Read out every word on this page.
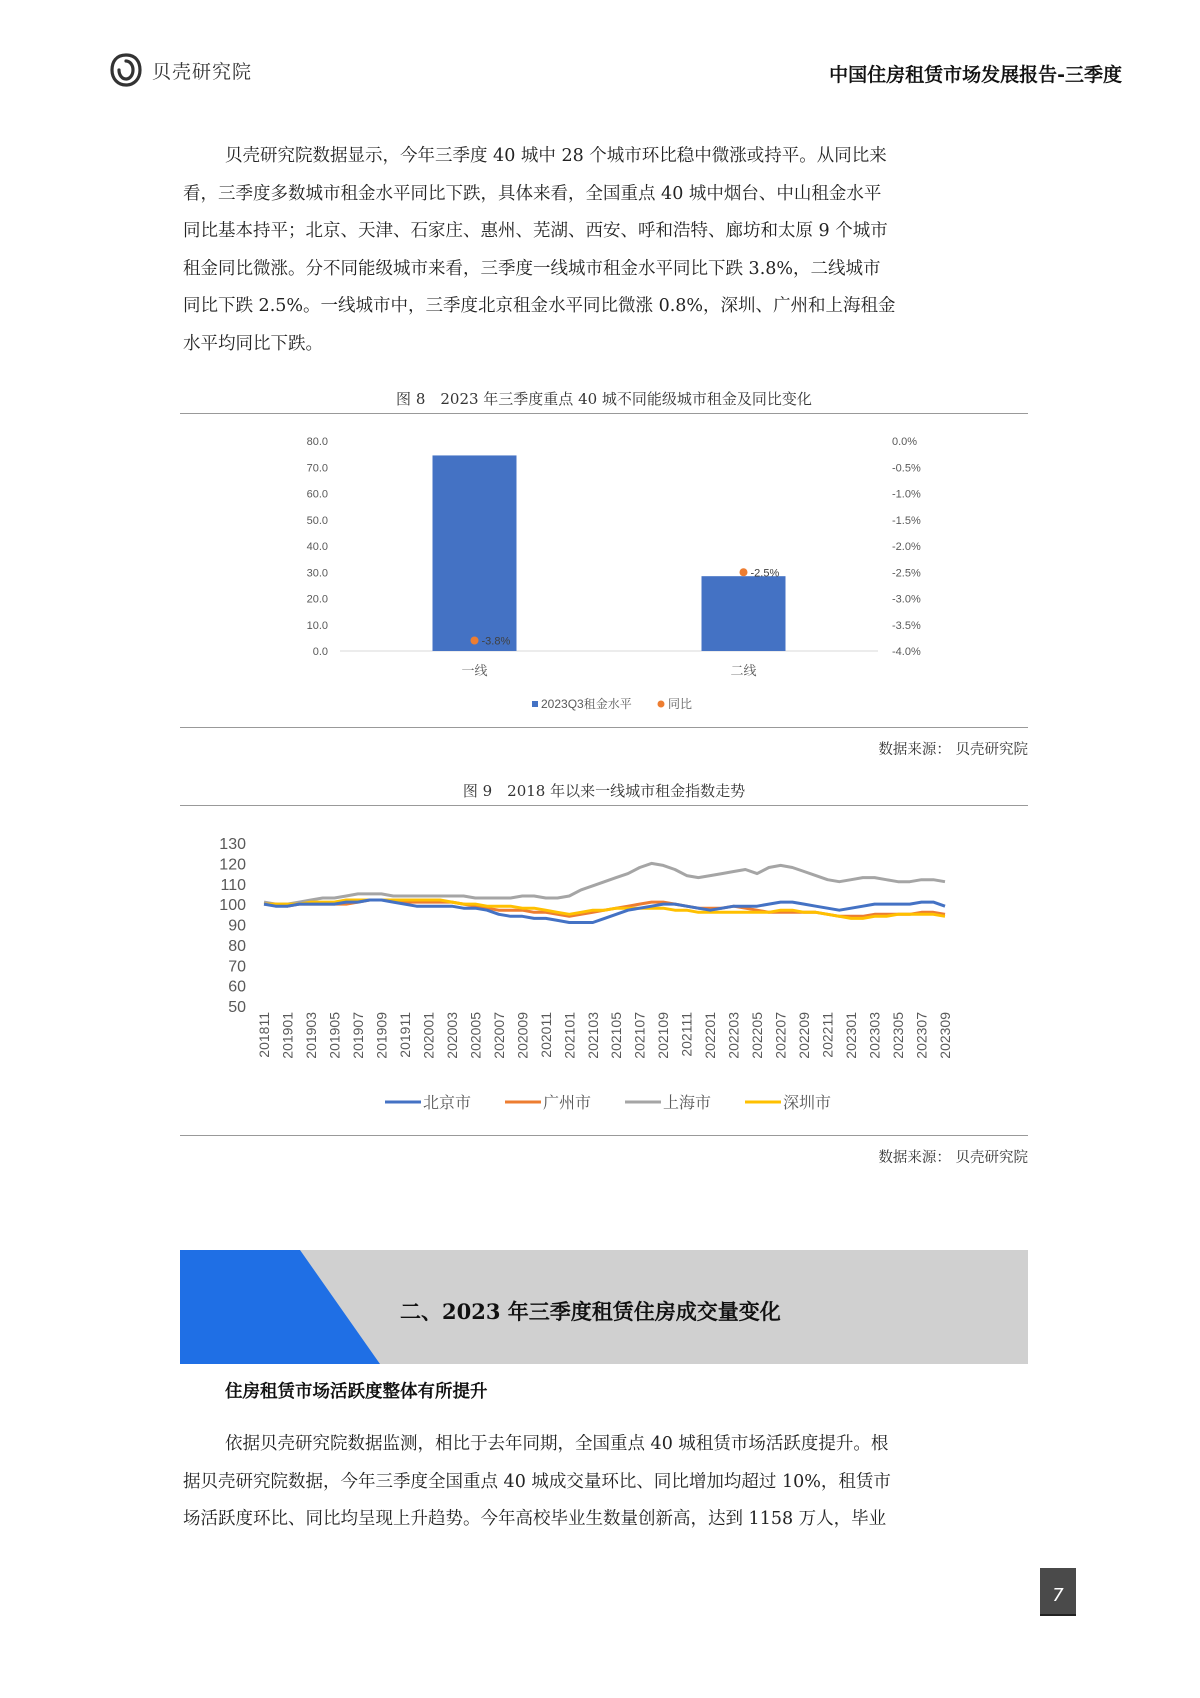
贝壳研究院	中国住房租赁市场发展报告-三季度
贝壳研究院数据显示，今年三季度 40 城中 28 个城市环比稳中微涨或持平。从同比来
看，三季度多数城市租金水平同比下跌，具体来看，全国重点 40 城中烟台、中山租金水平
同比基本持平；北京、天津、石家庄、惠州、芜湖、西安、呼和浩特、廊坊和太原 9 个城市
租金同比微涨。分不同能级城市来看，三季度一线城市租金水平同比下跌 3.8%，二线城市
同比下跌 2.5%。一线城市中，三季度北京租金水平同比微涨 0.8%，深圳、广州和上海租金
水平均同比下跌。
图 8　2023 年三季度重点 40 城不同能级城市租金及同比变化
80.0
70.0
60.0
50.0
40.0
30.0
20.0
10.0
0.0
0.0%
-0.5%
-1.0%
-1.5%
-2.0%
-2.5%
-3.0%
-3.5%
-4.0%
-3.8%
-2.5%
一线	二线
2023Q3租金水平	同比
数据来源： 贝壳研究院
图 9　2018 年以来一线城市租金指数走势
130
120
110
100
90
80
70
60
50
201811 201901 201903 201905 201907 201909 201911 202001 202003 202005 202007 202009 202011 202101 202103 202105 202107 202109 202111 202201 202203 202205 202207 202209 202211 202301 202303 202305 202307 202309
北京市	广州市	上海市	深圳市
数据来源： 贝壳研究院
二、2023 年三季度租赁住房成交量变化
住房租赁市场活跃度整体有所提升
依据贝壳研究院数据监测，相比于去年同期，全国重点 40 城租赁市场活跃度提升。根
据贝壳研究院数据，今年三季度全国重点 40 城成交量环比、同比增加均超过 10%，租赁市
场活跃度环比、同比均呈现上升趋势。今年高校毕业生数量创新高，达到 1158 万人，毕业
7
